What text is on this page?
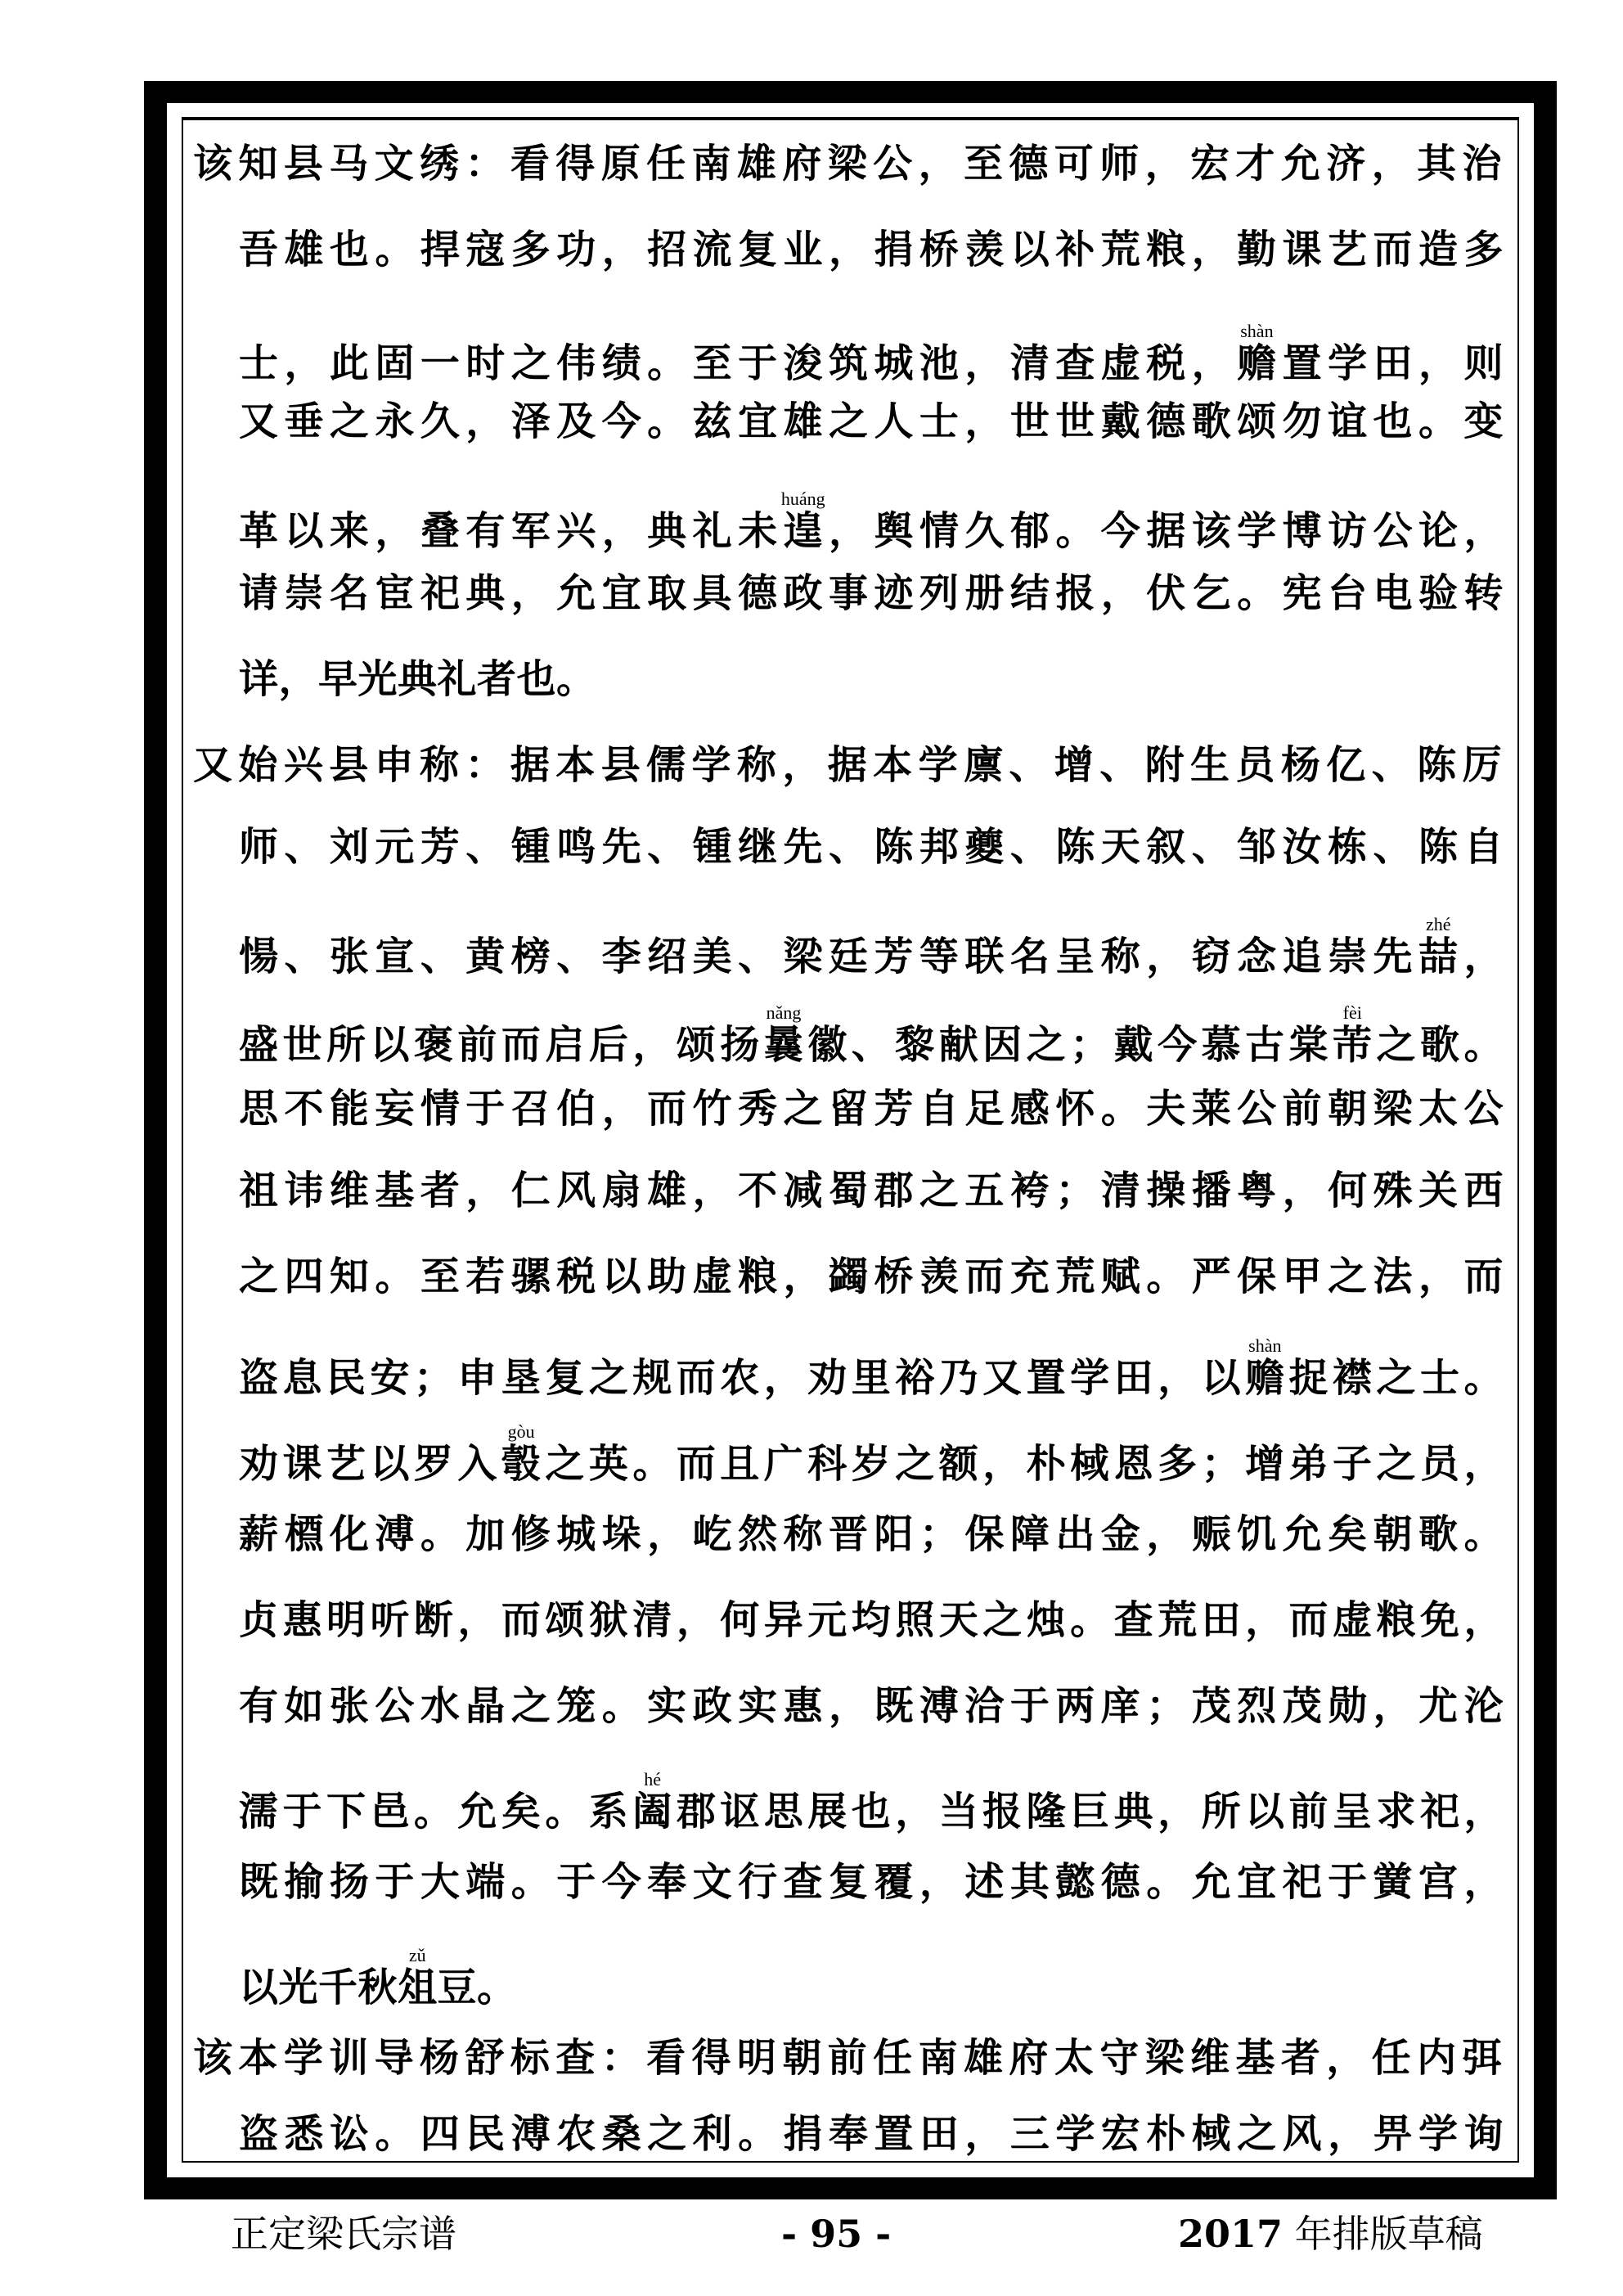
该知县马文绣：看得原任南雄府梁公，至德可师，宏才允济，其治
吾雄也。捍寇多功，招流复业，捐桥羡以补荒粮，勤课艺而造多
士，此固一时之伟绩。至于浚筑城池，清查虚税，赡shàn置学田，则
又垂之永久，泽及今。兹宜雄之人士，世世戴德歌颂勿谊也。变
革以来，叠有军兴，典礼未遑huáng，舆情久郁。今据该学博访公论，
请崇名宦祀典，允宜取具德政事迹列册结报，伏乞。宪台电验转
详，早光典礼者也。
又始兴县申称：据本县儒学称，据本学廪、增、附生员杨亿、陈厉
师、刘元芳、锺鸣先、锺继先、陈邦夔、陈天叙、邹汝栋、陈自
愓、张宣、黄榜、李绍美、梁廷芳等联名呈称，窃念追崇先喆zhé，
盛世所以褒前而启后，颂扬曩nǎng徽、黎献因之；戴今慕古棠芾fèi之歌。
思不能妄情于召伯，而竹秀之留芳自足感怀。夫莱公前朝梁太公
祖讳维基者，仁风扇雄，不减蜀郡之五袴；清操播粤，何殊关西
之四知。至若骡税以助虚粮，蠲桥羡而充荒赋。严保甲之法，而
盗息民安；申垦复之规而农，劝里裕乃又置学田，以赡shàn捉襟之士。
劝课艺以罗入彀gòu之英。而且广科岁之额，朴棫恩多；增弟子之员，
薪槱化溥。加修城垛，屹然称晋阳；保障出金，赈饥允矣朝歌。
贞惠明听断，而颂狱清，何异元均照天之烛。查荒田，而虚粮免，
有如张公水晶之笼。实政实惠，既溥洽于两庠；茂烈茂勋，尤沦
濡于下邑。允矣。系阖hé郡讴思展也，当报隆巨典，所以前呈求祀，
既揄扬于大端。于今奉文行查复覆，述其懿德。允宜祀于黉宫，
以光千秋俎zǔ豆。
该本学训导杨舒标查：看得明朝前任南雄府太守梁维基者，任内弭
盗悉讼。四民溥农桑之利。捐奉置田，三学宏朴棫之风，畀学询
正定梁氏宗谱	- 95 -	2017 年排版草稿
